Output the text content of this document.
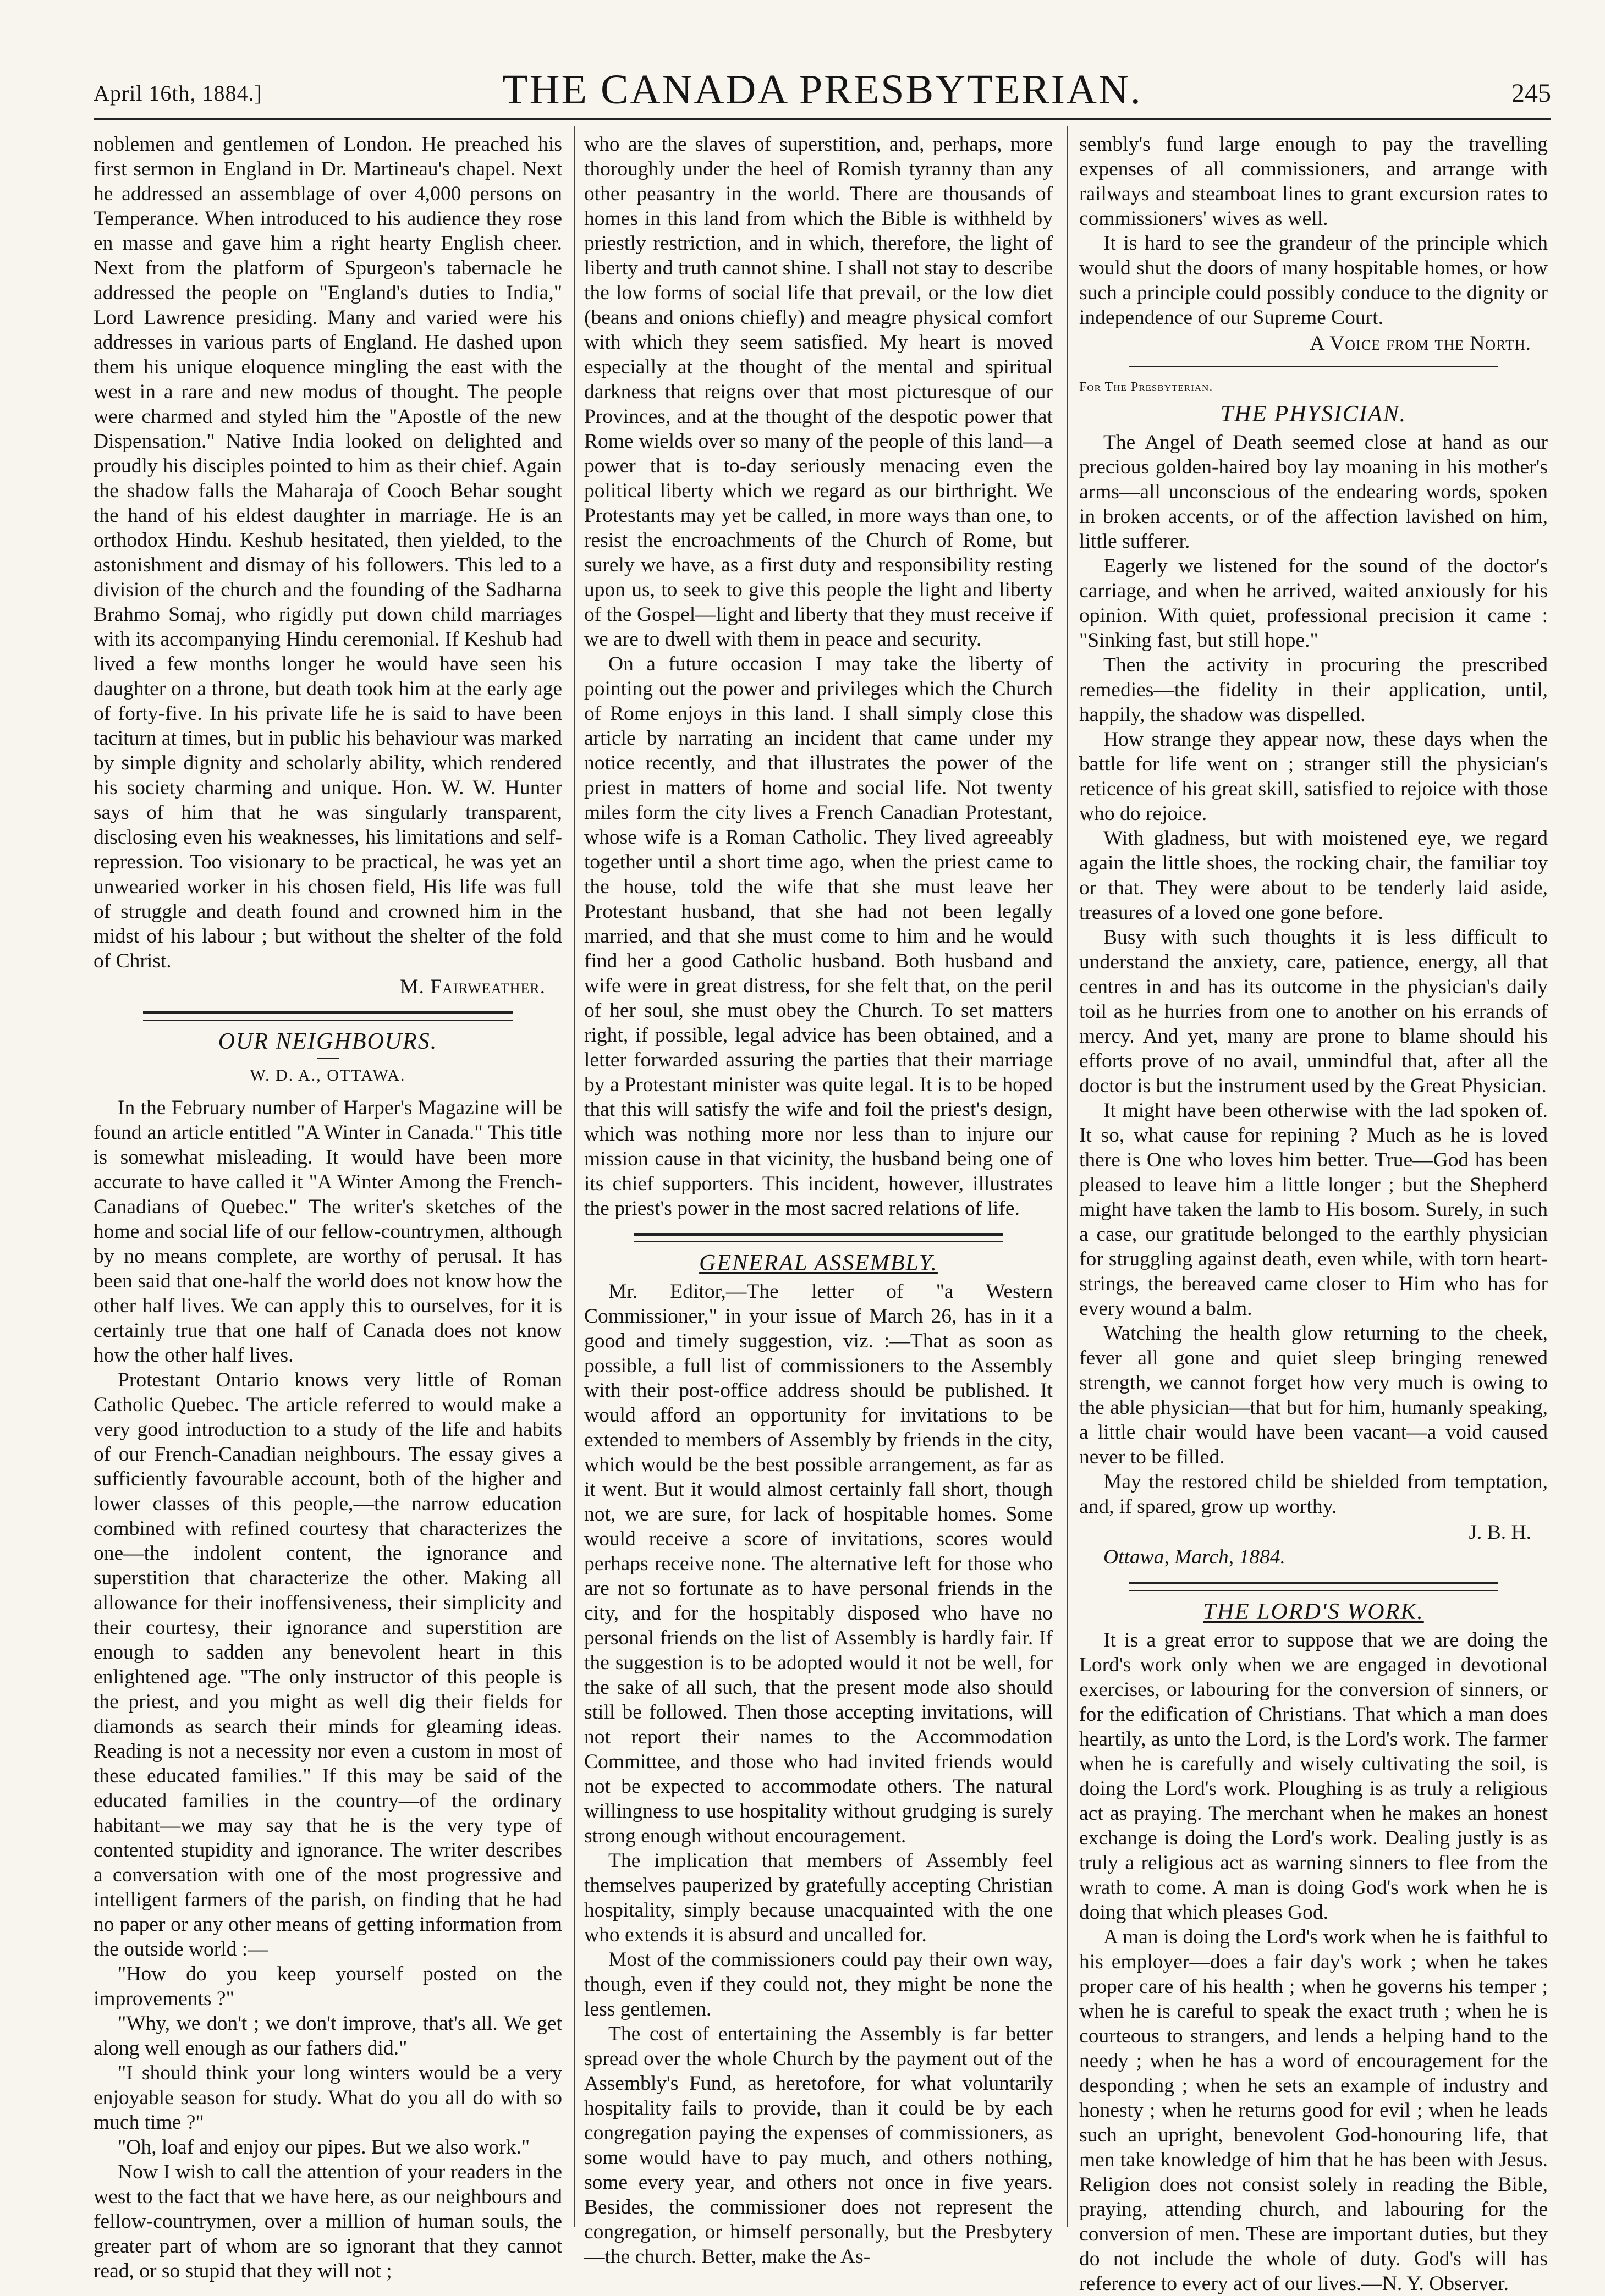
April 16th, 1884.]	THE CANADA PRESBYTERIAN.	245

noblemen and gentlemen of London. He preached his first sermon in England in Dr. Martineau's chapel. Next he addressed an assemblage of over 4,000 persons on Temperance. When introduced to his audience they rose en masse and gave him a right hearty English cheer. Next from the platform of Spurgeon's tabernacle he addressed the people on "England's duties to India," Lord Lawrence presiding. Many and varied were his addresses in various parts of England. He dashed upon them his unique eloquence mingling the east with the west in a rare and new modus of thought. The people were charmed and styled him the "Apostle of the new Dispensation." Native India looked on delighted and proudly his disciples pointed to him as their chief. Again the shadow falls the Maharaja of Cooch Behar sought the hand of his eldest daughter in marriage. He is an orthodox Hindu. Keshub hesitated, then yielded, to the astonishment and dismay of his followers. This led to a division of the church and the founding of the Sadharna Brahmo Somaj, who rigidly put down child marriages with its accompanying Hindu ceremonial. If Keshub had lived a few months longer he would have seen his daughter on a throne, but death took him at the early age of forty-five. In his private life he is said to have been taciturn at times, but in public his behaviour was marked by simple dignity and scholarly ability, which rendered his society charming and unique. Hon. W. W. Hunter says of him that he was singularly transparent, disclosing even his weaknesses, his limitations and self-repression. Too visionary to be practical, he was yet an unwearied worker in his chosen field, His life was full of struggle and death found and crowned him in the midst of his labour ; but without the shelter of the fold of Christ.

M. Fairweather.
OUR NEIGHBOURS.
W. D. A., OTTAWA.

In the February number of Harper's Magazine will be found an article entitled "A Winter in Canada." This title is somewhat misleading. It would have been more accurate to have called it "A Winter Among the French-Canadians of Quebec." The writer's sketches of the home and social life of our fellow-countrymen, although by no means complete, are worthy of perusal. It has been said that one-half the world does not know how the other half lives. We can apply this to ourselves, for it is certainly true that one half of Canada does not know how the other half lives.

Protestant Ontario knows very little of Roman Catholic Quebec. The article referred to would make a very good introduction to a study of the life and habits of our French-Canadian neighbours. The essay gives a sufficiently favourable account, both of the higher and lower classes of this people,—the narrow education combined with refined courtesy that characterizes the one—the indolent content, the ignorance and superstition that characterize the other. Making all allowance for their inoffensiveness, their simplicity and their courtesy, their ignorance and superstition are enough to sadden any benevolent heart in this enlightened age. "The only instructor of this people is the priest, and you might as well dig their fields for diamonds as search their minds for gleaming ideas. Reading is not a necessity nor even a custom in most of these educated families." If this may be said of the educated families in the country—of the ordinary habitant—we may say that he is the very type of contented stupidity and ignorance. The writer describes a conversation with one of the most progressive and intelligent farmers of the parish, on finding that he had no paper or any other means of getting information from the outside world :—

"How do you keep yourself posted on the improvements ?"

"Why, we don't ; we don't improve, that's all. We get along well enough as our fathers did."

"I should think your long winters would be a very enjoyable season for study. What do you all do with so much time ?"

"Oh, loaf and enjoy our pipes. But we also work."

Now I wish to call the attention of your readers in the west to the fact that we have here, as our neighbours and fellow-countrymen, over a million of human souls, the greater part of whom are so ignorant that they cannot read, or so stupid that they will not ;

who are the slaves of superstition, and, perhaps, more thoroughly under the heel of Romish tyranny than any other peasantry in the world. There are thousands of homes in this land from which the Bible is withheld by priestly restriction, and in which, therefore, the light of liberty and truth cannot shine. I shall not stay to describe the low forms of social life that prevail, or the low diet (beans and onions chiefly) and meagre physical comfort with which they seem satisfied. My heart is moved especially at the thought of the mental and spiritual darkness that reigns over that most picturesque of our Provinces, and at the thought of the despotic power that Rome wields over so many of the people of this land—a power that is to-day seriously menacing even the political liberty which we regard as our birthright. We Protestants may yet be called, in more ways than one, to resist the encroachments of the Church of Rome, but surely we have, as a first duty and responsibility resting upon us, to seek to give this people the light and liberty of the Gospel—light and liberty that they must receive if we are to dwell with them in peace and security.

On a future occasion I may take the liberty of pointing out the power and privileges which the Church of Rome enjoys in this land. I shall simply close this article by narrating an incident that came under my notice recently, and that illustrates the power of the priest in matters of home and social life. Not twenty miles form the city lives a French Canadian Protestant, whose wife is a Roman Catholic. They lived agreeably together until a short time ago, when the priest came to the house, told the wife that she must leave her Protestant husband, that she had not been legally married, and that she must come to him and he would find her a good Catholic husband. Both husband and wife were in great distress, for she felt that, on the peril of her soul, she must obey the Church. To set matters right, if possible, legal advice has been obtained, and a letter forwarded assuring the parties that their marriage by a Protestant minister was quite legal. It is to be hoped that this will satisfy the wife and foil the priest's design, which was nothing more nor less than to injure our mission cause in that vicinity, the husband being one of its chief supporters. This incident, however, illustrates the priest's power in the most sacred relations of life.

GENERAL ASSEMBLY.

Mr. Editor,—The letter of "a Western Commissioner," in your issue of March 26, has in it a good and timely suggestion, viz. :—That as soon as possible, a full list of commissioners to the Assembly with their post-office address should be published. It would afford an opportunity for invitations to be extended to members of Assembly by friends in the city, which would be the best possible arrangement, as far as it went. But it would almost certainly fall short, though not, we are sure, for lack of hospitable homes. Some would receive a score of invitations, scores would perhaps receive none. The alternative left for those who are not so fortunate as to have personal friends in the city, and for the hospitably disposed who have no personal friends on the list of Assembly is hardly fair. If the suggestion is to be adopted would it not be well, for the sake of all such, that the present mode also should still be followed. Then those accepting invitations, will not report their names to the Accommodation Committee, and those who had invited friends would not be expected to accommodate others. The natural willingness to use hospitality without grudging is surely strong enough without encouragement.

The implication that members of Assembly feel themselves pauperized by gratefully accepting Christian hospitality, simply because unacquainted with the one who extends it is absurd and uncalled for.

Most of the commissioners could pay their own way, though, even if they could not, they might be none the less gentlemen.

The cost of entertaining the Assembly is far better spread over the whole Church by the payment out of the Assembly's Fund, as heretofore, for what voluntarily hospitality fails to provide, than it could be by each congregation paying the expenses of commissioners, as some would have to pay much, and others nothing, some every year, and others not once in five years. Besides, the commissioner does not represent the congregation, or himself personally, but the Presbytery—the church. Better, make the As-

sembly's fund large enough to pay the travelling expenses of all commissioners, and arrange with railways and steamboat lines to grant excursion rates to commissioners' wives as well.

It is hard to see the grandeur of the principle which would shut the doors of many hospitable homes, or how such a principle could possibly conduce to the dignity or independence of our Supreme Court.

A Voice from the North.
For The Presbyterian.
THE PHYSICIAN.

The Angel of Death seemed close at hand as our precious golden-haired boy lay moaning in his mother's arms—all unconscious of the endearing words, spoken in broken accents, or of the affection lavished on him, little sufferer.

Eagerly we listened for the sound of the doctor's carriage, and when he arrived, waited anxiously for his opinion. With quiet, professional precision it came : "Sinking fast, but still hope."

Then the activity in procuring the prescribed remedies—the fidelity in their application, until, happily, the shadow was dispelled.

How strange they appear now, these days when the battle for life went on ; stranger still the physician's reticence of his great skill, satisfied to rejoice with those who do rejoice.

With gladness, but with moistened eye, we regard again the little shoes, the rocking chair, the familiar toy or that. They were about to be tenderly laid aside, treasures of a loved one gone before.

Busy with such thoughts it is less difficult to understand the anxiety, care, patience, energy, all that centres in and has its outcome in the physician's daily toil as he hurries from one to another on his errands of mercy. And yet, many are prone to blame should his efforts prove of no avail, unmindful that, after all the doctor is but the instrument used by the Great Physician.

It might have been otherwise with the lad spoken of. It so, what cause for repining ? Much as he is loved there is One who loves him better. True—God has been pleased to leave him a little longer ; but the Shepherd might have taken the lamb to His bosom. Surely, in such a case, our gratitude belonged to the earthly physician for struggling against death, even while, with torn heart-strings, the bereaved came closer to Him who has for every wound a balm.

Watching the health glow returning to the cheek, fever all gone and quiet sleep bringing renewed strength, we cannot forget how very much is owing to the able physician—that but for him, humanly speaking, a little chair would have been vacant—a void caused never to be filled.

May the restored child be shielded from temptation, and, if spared, grow up worthy.

J. B. H.
Ottawa, March, 1884.
THE LORD'S WORK.

It is a great error to suppose that we are doing the Lord's work only when we are engaged in devotional exercises, or labouring for the conversion of sinners, or for the edification of Christians. That which a man does heartily, as unto the Lord, is the Lord's work. The farmer when he is carefully and wisely cultivating the soil, is doing the Lord's work. Ploughing is as truly a religious act as praying. The merchant when he makes an honest exchange is doing the Lord's work. Dealing justly is as truly a religious act as warning sinners to flee from the wrath to come. A man is doing God's work when he is doing that which pleases God.

A man is doing the Lord's work when he is faithful to his employer—does a fair day's work ; when he takes proper care of his health ; when he governs his temper ; when he is careful to speak the exact truth ; when he is courteous to strangers, and lends a helping hand to the needy ; when he has a word of encouragement for the desponding ; when he sets an example of industry and honesty ; when he returns good for evil ; when he leads such an upright, benevolent God-honouring life, that men take knowledge of him that he has been with Jesus. Religion does not consist solely in reading the Bible, praying, attending church, and labouring for the conversion of men. These are important duties, but they do not include the whole of duty. God's will has reference to every act of our lives.—N. Y. Observer.
